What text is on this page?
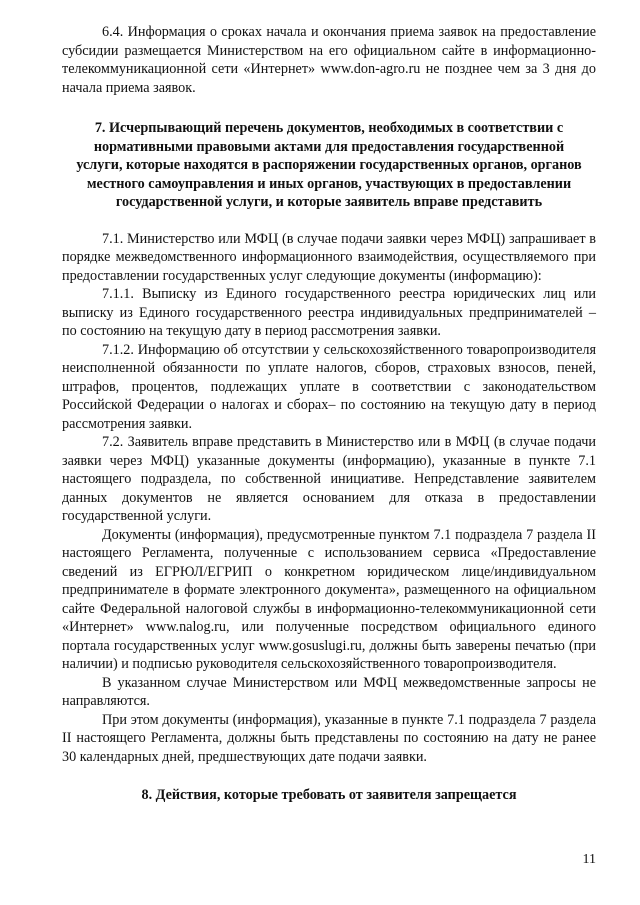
6.4. Информация о сроках начала и окончания приема заявок на предоставление субсидии размещается Министерством на его официальном сайте в информационно-телекоммуникационной сети «Интернет» www.don-agro.ru не позднее чем за 3 дня до начала приема заявок.

7. Исчерпывающий перечень документов, необходимых в соответствии с нормативными правовыми актами для предоставления государственной услуги, которые находятся в распоряжении государственных органов, органов местного самоуправления и иных органов, участвующих в предоставлении государственной услуги, и которые заявитель вправе представить

7.1. Министерство или МФЦ (в случае подачи заявки через МФЦ) запрашивает в порядке межведомственного информационного взаимодействия, осуществляемого при предоставлении государственных услуг следующие документы (информацию):

7.1.1. Выписку из Единого государственного реестра юридических лиц или выписку из Единого государственного реестра индивидуальных предпринимателей – по состоянию на текущую дату в период рассмотрения заявки.

7.1.2. Информацию об отсутствии у сельскохозяйственного товаропроизводителя неисполненной обязанности по уплате налогов, сборов, страховых взносов, пеней, штрафов, процентов, подлежащих уплате в соответствии с законодательством Российской Федерации о налогах и сборах– по состоянию на текущую дату в период рассмотрения заявки.

7.2. Заявитель вправе представить в Министерство или в МФЦ (в случае подачи заявки через МФЦ) указанные документы (информацию), указанные в пункте 7.1 настоящего подраздела, по собственной инициативе. Непредставление заявителем данных документов не является основанием для отказа в предоставлении государственной услуги.

Документы (информация), предусмотренные пунктом 7.1 подраздела 7 раздела II настоящего Регламента, полученные с использованием сервиса «Предоставление сведений из ЕГРЮЛ/ЕГРИП о конкретном юридическом лице/индивидуальном предпринимателе в формате электронного документа», размещенного на официальном сайте Федеральной налоговой службы в информационно-телекоммуникационной сети «Интернет» www.nalog.ru, или полученные посредством официального единого портала государственных услуг www.gosuslugi.ru, должны быть заверены печатью (при наличии) и подписью руководителя сельскохозяйственного товаропроизводителя.

В указанном случае Министерством или МФЦ межведомственные запросы не направляются.

При этом документы (информация), указанные в пункте 7.1 подраздела 7 раздела II настоящего Регламента, должны быть представлены по состоянию на дату не ранее 30 календарных дней, предшествующих дате подачи заявки.

8. Действия, которые требовать от заявителя запрещается
11
